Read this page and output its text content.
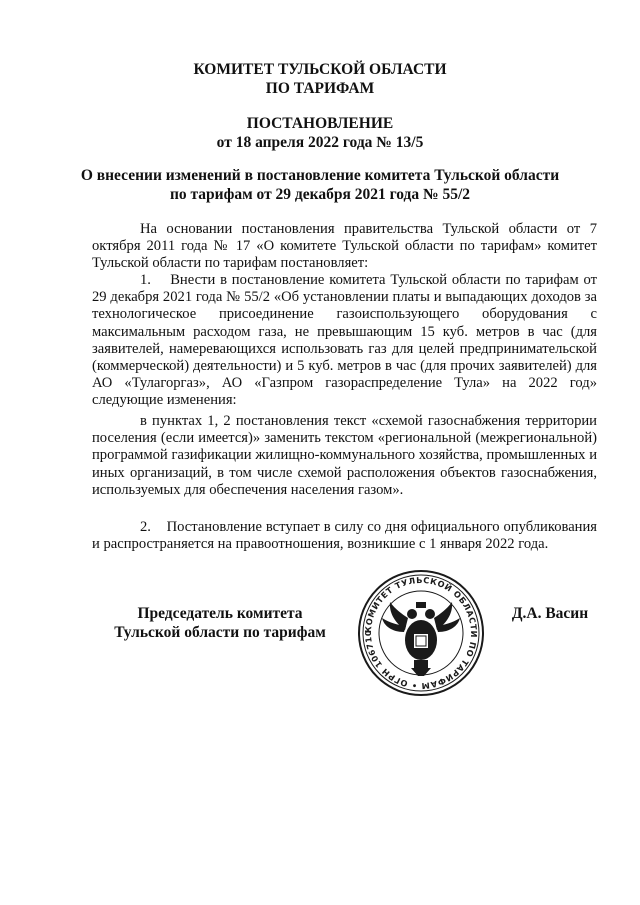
КОМИТЕТ ТУЛЬСКОЙ ОБЛАСТИ

ПО ТАРИФАМ

ПОСТАНОВЛЕНИЕ

от 18 апреля 2022 года № 13/5

О внесении изменений в постановление комитета Тульской области

по тарифам от 29 декабря 2021 года № 55/2

На основании постановления правительства Тульской области от 7 октября 2011 года № 17 «О комитете Тульской области по тарифам» комитет Тульской области по тарифам постановляет:

1.    Внести в постановление комитета Тульской области по тарифам от 29 декабря 2021 года № 55/2 «Об установлении платы и выпадающих доходов за технологическое присоединение газоиспользующего оборудования с максимальным расходом газа, не превышающим 15 куб. метров в час (для заявителей, намеревающихся использовать газ для целей предпринимательской (коммерческой) деятельности) и 5 куб. метров в час (для прочих заявителей) для АО «Тулагоргаз», АО «Газпром газораспределение Тула» на 2022 год» следующие изменения:

в пунктах 1, 2 постановления текст «схемой газоснабжения территории поселения (если имеется)» заменить текстом «региональной (межрегиональной) программой газификации жилищно-коммунального хозяйства, промышленных и иных организаций, в том числе схемой расположения объектов газоснабжения, используемых для обеспечения населения газом».

2.    Постановление вступает в силу со дня официального опубликования и распространяется на правоотношения, возникшие с 1 января 2022 года.

Председатель комитета
Тульской области по тарифам	КОМИТЕТ ТУЛЬСКОЙ ОБЛАСТИ ПО ТАРИФАМ • ОГРН 106710
Д.А. Васин
